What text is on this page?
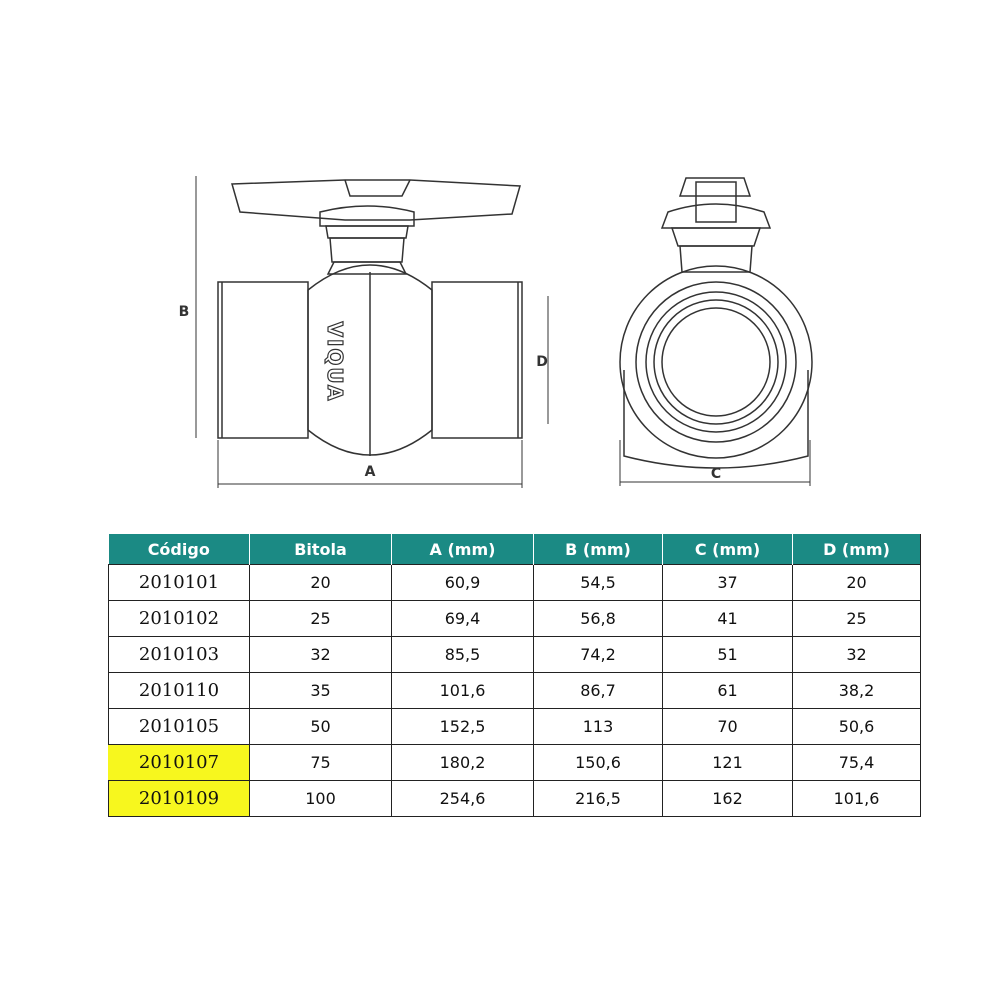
VIQUA
B
D
A	C
Código	Bitola	A (mm)	B (mm)	C (mm)	D (mm)
2010101	20	60,9	54,5	37	20
2010102	25	69,4	56,8	41	25
2010103	32	85,5	74,2	51	32
2010110	35	101,6	86,7	61	38,2
2010105	50	152,5	113	70	50,6
2010107	75	180,2	150,6	121	75,4
2010109	100	254,6	216,5	162	101,6
